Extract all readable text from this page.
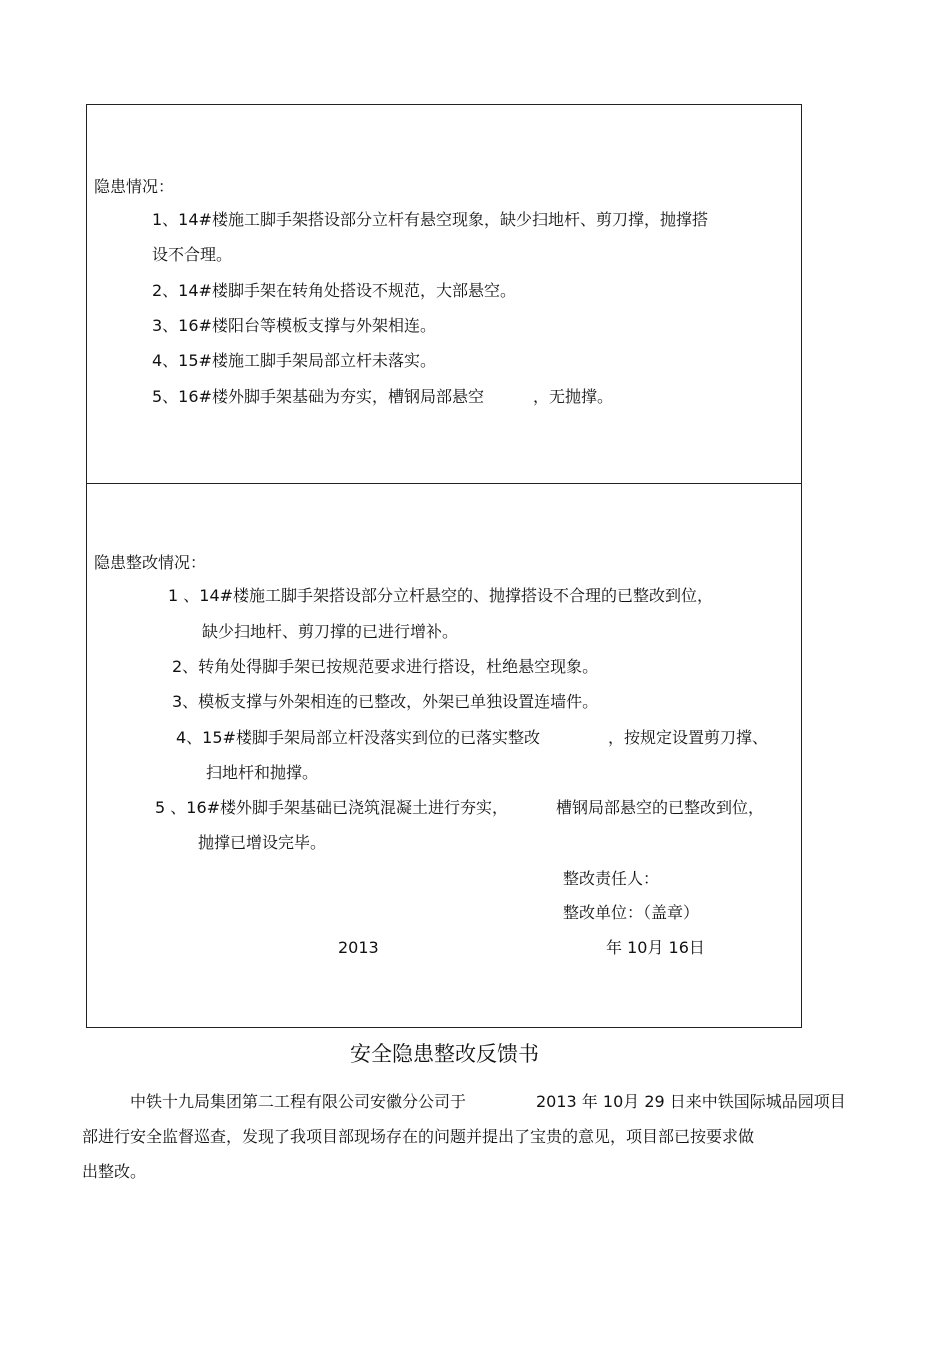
隐患情况：
1、14#楼施工脚手架搭设部分立杆有悬空现象，缺少扫地杆、剪刀撑，抛撑搭
设不合理。
2、14#楼脚手架在转角处搭设不规范，大部悬空。
3、16#楼阳台等模板支撑与外架相连。
4、15#楼施工脚手架局部立杆未落实。
5、16#楼外脚手架基础为夯实，槽钢局部悬空	，无抛撑。
隐患整改情况：
1 、14#楼施工脚手架搭设部分立杆悬空的、抛撑搭设不合理的已整改到位，
缺少扫地杆、剪刀撑的已进行增补。
2、转角处得脚手架已按规范要求进行搭设，杜绝悬空现象。
3、模板支撑与外架相连的已整改，外架已单独设置连墙件。
4、15#楼脚手架局部立杆没落实到位的已落实整改	，按规定设置剪刀撑、
扫地杆和抛撑。
5 、16#楼外脚手架基础已浇筑混凝土进行夯实，	槽钢局部悬空的已整改到位，
抛撑已增设完毕。
整改责任人：
整改单位：（盖章）
2013	年 10月 16日
安全隐患整改反馈书
中铁十九局集团第二工程有限公司安徽分公司于	2013 年 10月 29 日来中铁国际城品园项目
部进行安全监督巡查，发现了我项目部现场存在的问题并提出了宝贵的意见，项目部已按要求做
出整改。
